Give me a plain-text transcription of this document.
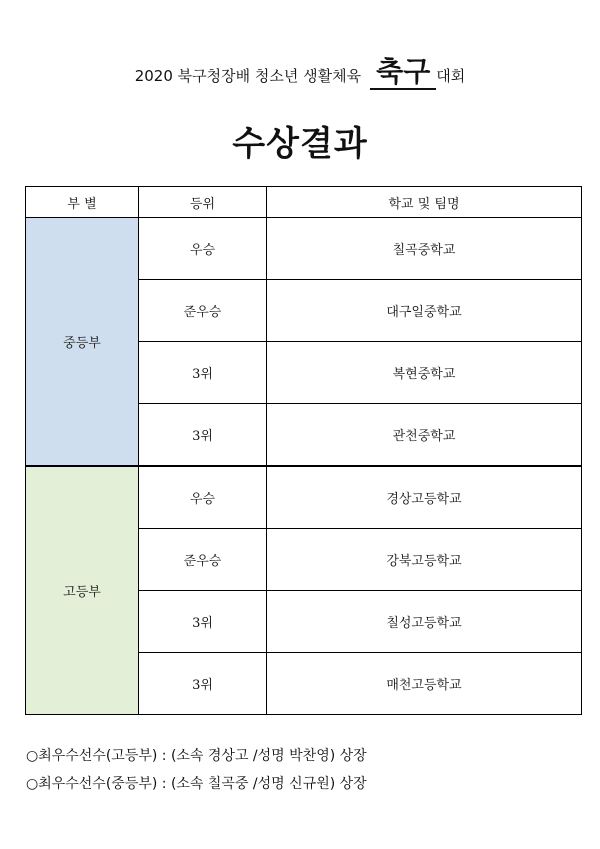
2020 북구청장배 청소년 생활체육 축구 대회
수상결과
부 별	등위	학교 및 팀명
중등부	우승	칠곡중학교
	준우승	대구일중학교
	3위	복현중학교
	3위	관천중학교
고등부	우승	경상고등학교
	준우승	강북고등학교
	3위	칠성고등학교
	3위	매천고등학교
○최우수선수(고등부) : (소속 경상고 /성명 박찬영) 상장
○최우수선수(중등부) : (소속 칠곡중 /성명 신규원) 상장
